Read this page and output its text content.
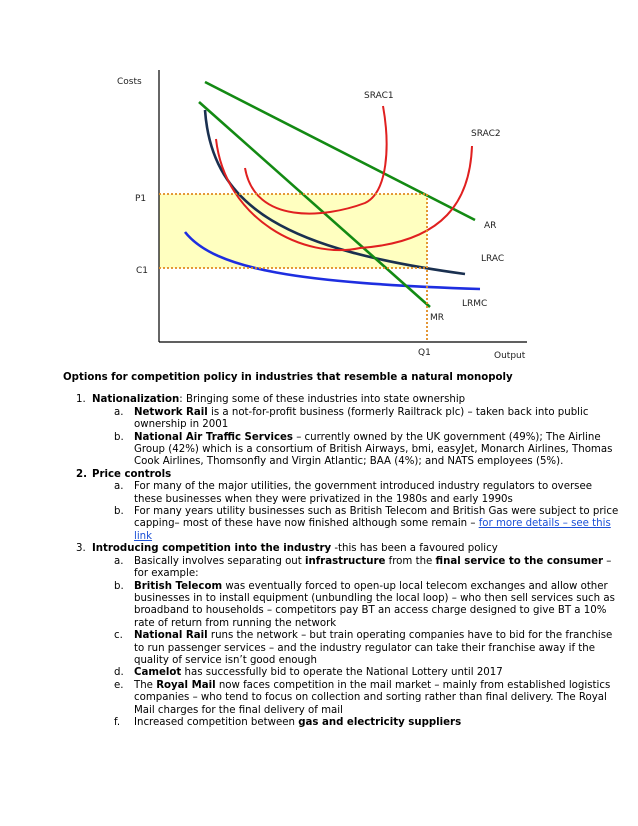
Costs
Output
P1
C1
Q1
SRAC1
SRAC2
AR
LRAC
LRMC
MR
Options for competition policy in industries that resemble a natural monopoly
1. Nationalization: Bringing some of these industries into state ownership
a. Network Rail is a not-for-profit business (formerly Railtrack plc) – taken back into public ownership in 2001
b. National Air Traffic Services – currently owned by the UK government (49%); The Airline Group (42%) which is a consortium of British Airways, bmi, easyJet, Monarch Airlines, Thomas Cook Airlines, Thomsonfly and Virgin Atlantic; BAA (4%); and NATS employees (5%).
2. Price controls
a. For many of the major utilities, the government introduced industry regulators to oversee these businesses when they were privatized in the 1980s and early 1990s
b. For many years utility businesses such as British Telecom and British Gas were subject to price capping– most of these have now finished although some remain – for more details – see this link
3. Introducing competition into the industry -this has been a favoured policy
a. Basically involves separating out infrastructure from the final service to the consumer – for example:
b. British Telecom was eventually forced to open-up local telecom exchanges and allow other businesses in to install equipment (unbundling the local loop) – who then sell services such as broadband to households – competitors pay BT an access charge designed to give BT a 10% rate of return from running the network
c. National Rail runs the network – but train operating companies have to bid for the franchise to run passenger services – and the industry regulator can take their franchise away if the quality of service isn’t good enough
d. Camelot has successfully bid to operate the National Lottery until 2017
e. The Royal Mail now faces competition in the mail market – mainly from established logistics companies – who tend to focus on collection and sorting rather than final delivery. The Royal Mail charges for the final delivery of mail
f. Increased competition between gas and electricity suppliers
